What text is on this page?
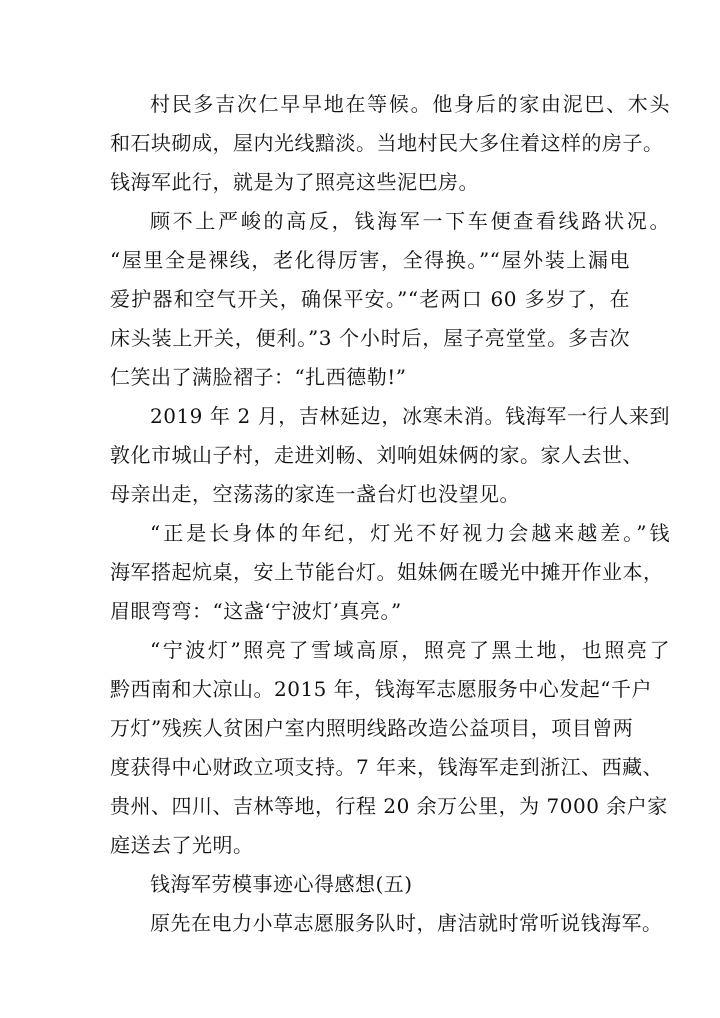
村民多吉次仁早早地在等候。他身后的家由泥巴、木头
和石块砌成，屋内光线黯淡。当地村民大多住着这样的房子。
钱海军此行，就是为了照亮这些泥巴房。
顾不上严峻的高反，钱海军一下车便查看线路状况。
“屋里全是裸线，老化得厉害，全得换。”“屋外装上漏电
爱护器和空气开关，确保平安。”“老两口 60 多岁了，在
床头装上开关，便利。”3 个小时后，屋子亮堂堂。多吉次
仁笑出了满脸褶子：“扎西德勒!”
2019 年 2 月，吉林延边，冰寒未消。钱海军一行人来到
敦化市城山子村，走进刘畅、刘响姐妹俩的家。家人去世、
母亲出走，空荡荡的家连一盏台灯也没望见。
“正是长身体的年纪，灯光不好视力会越来越差。”钱
海军搭起炕桌，安上节能台灯。姐妹俩在暖光中摊开作业本，
眉眼弯弯：“这盏‘宁波灯’真亮。”
“宁波灯”照亮了雪域高原，照亮了黑土地，也照亮了
黔西南和大凉山。2015 年，钱海军志愿服务中心发起“千户
万灯”残疾人贫困户室内照明线路改造公益项目，项目曾两
度获得中心财政立项支持。7 年来，钱海军走到浙江、西藏、
贵州、四川、吉林等地，行程 20 余万公里，为 7000 余户家
庭送去了光明。
钱海军劳模事迹心得感想(五)
原先在电力小草志愿服务队时，唐洁就时常听说钱海军。
